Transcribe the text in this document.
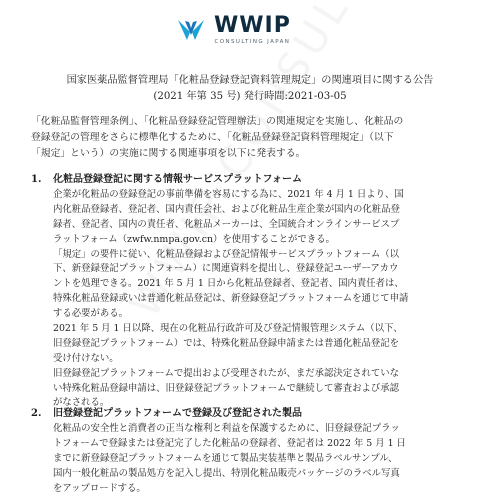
WWIP
CONSULTING JAPAN
国家医薬品監督管理局「化粧品登録登記資料管理規定」の関連項目に関する公告
(2021 年第 35 号) 発行時間:2021-03-05
「化粧品監督管理条例」、「化粧品登録登記管理辦法」の関連規定を実施し、化粧品の
登録登記の管理をさらに標準化するために、「化粧品登録登記資料管理規定」（以下
「規定」という）の実施に関する関連事項を以下に発表する。
1.	化粧品登録登記に関する情報サービスプラットフォーム
企業が化粧品の登録登記の事前準備を容易にする為に、2021 年 4 月 1 日より、国
内化粧品登録者、登記者、国内責任会社、および化粧品生産企業が国内の化粧品登
録者、登記者、国内の責任者、化粧品メーカーは、全国統合オンラインサービスプ
ラットフォーム（zwfw.nmpa.gov.cn）を使用することができる。
「規定」の要件に従い、化粧品登録および登記情報サービスプラットフォーム（以
下、新登録登記プラットフォーム）に関連資料を提出し、登録登記ユーザーアカウ
ントを処理できる。2021 年 5 月 1 日から化粧品登録者、登記者、国内責任者は、
特殊化粧品登録或いは普通化粧品登記は、新登録登記プラットフォームを通じて申請
する必要がある。
2021 年 5 月 1 日以降、現在の化粧品行政許可及び登記情報管理システム（以下、
旧登録登記プラットフォーム）では、特殊化粧品登録申請または普通化粧品登記を
受け付けない。
旧登録登記プラットフォームで提出および受理されたが、まだ承認決定されていな
い特殊化粧品登録申請は、旧登録登記プラットフォームで継続して審査および承認
がなされる。
2.	旧登録登記プラットフォームで登録及び登記された製品
化粧品の安全性と消費者の正当な権利と利益を保護するために、旧登録登記プラッ
トフォームで登録または登記完了した化粧品の登録者、登記者は 2022 年 5 月 1 日
までに新登録登記プラットフォームを通じて製品実装基準と製品ラベルサンプル、
国内一般化粧品の製品処方を記入し提出、特別化粧品販売パッケージのラベル写真
をアップロードする。
